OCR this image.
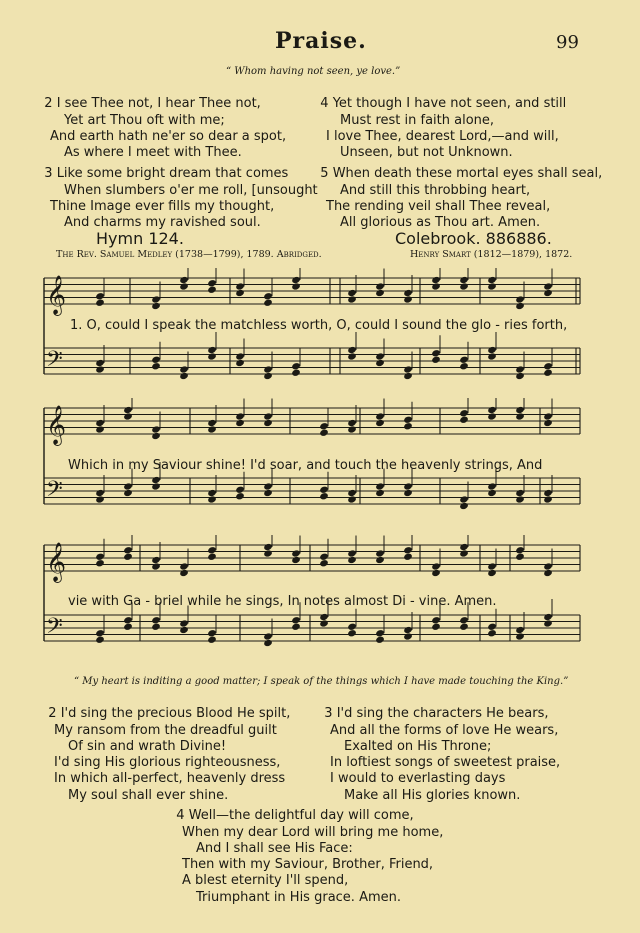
Praise.	99
“ Whom having not seen, ye love.”

2 I see Thee not, I hear Thee not,
Yet art Thou oft with me;
And earth hath ne'er so dear a spot,
As where I meet with Thee.

3 Like some bright dream that comes
When slumbers o'er me roll, [unsought
Thine Image ever fills my thought,
And charms my ravished soul.

4 Yet though I have not seen, and still
Must rest in faith alone,
I love Thee, dearest Lord,—and will,
Unseen, but not Unknown.

5 When death these mortal eyes shall seal,
And still this throbbing heart,
The rending veil shall Thee reveal,
All glorious as Thou art. Amen.

Hymn 124.	Colebrook. 886886.
The Rev. Samuel Medley (1738—1799), 1789. Abridged.	Henry Smart (1812—1879), 1872.
𝄞
𝄢
𝄞
𝄢
𝄞
𝄢
1. O, could I speak the matchless worth, O, could I sound the glo - ries forth,
Which in my Saviour shine! I'd soar, and touch the heavenly strings, And
vie with Ga - briel while he sings, In notes almost Di - vine. Amen.
“ My heart is inditing a good matter; I speak of the things which I have made touching the King.”

2 I'd sing the precious Blood He spilt,
My ransom from the dreadful guilt
Of sin and wrath Divine!
I'd sing His glorious righteousness,
In which all-perfect, heavenly dress
My soul shall ever shine.

3 I'd sing the characters He bears,
And all the forms of love He wears,
Exalted on His Throne;
In loftiest songs of sweetest praise,
I would to everlasting days
Make all His glories known.

4 Well—the delightful day will come,
When my dear Lord will bring me home,
And I shall see His Face:
Then with my Saviour, Brother, Friend,
A blest eternity I'll spend,
Triumphant in His grace. Amen.
